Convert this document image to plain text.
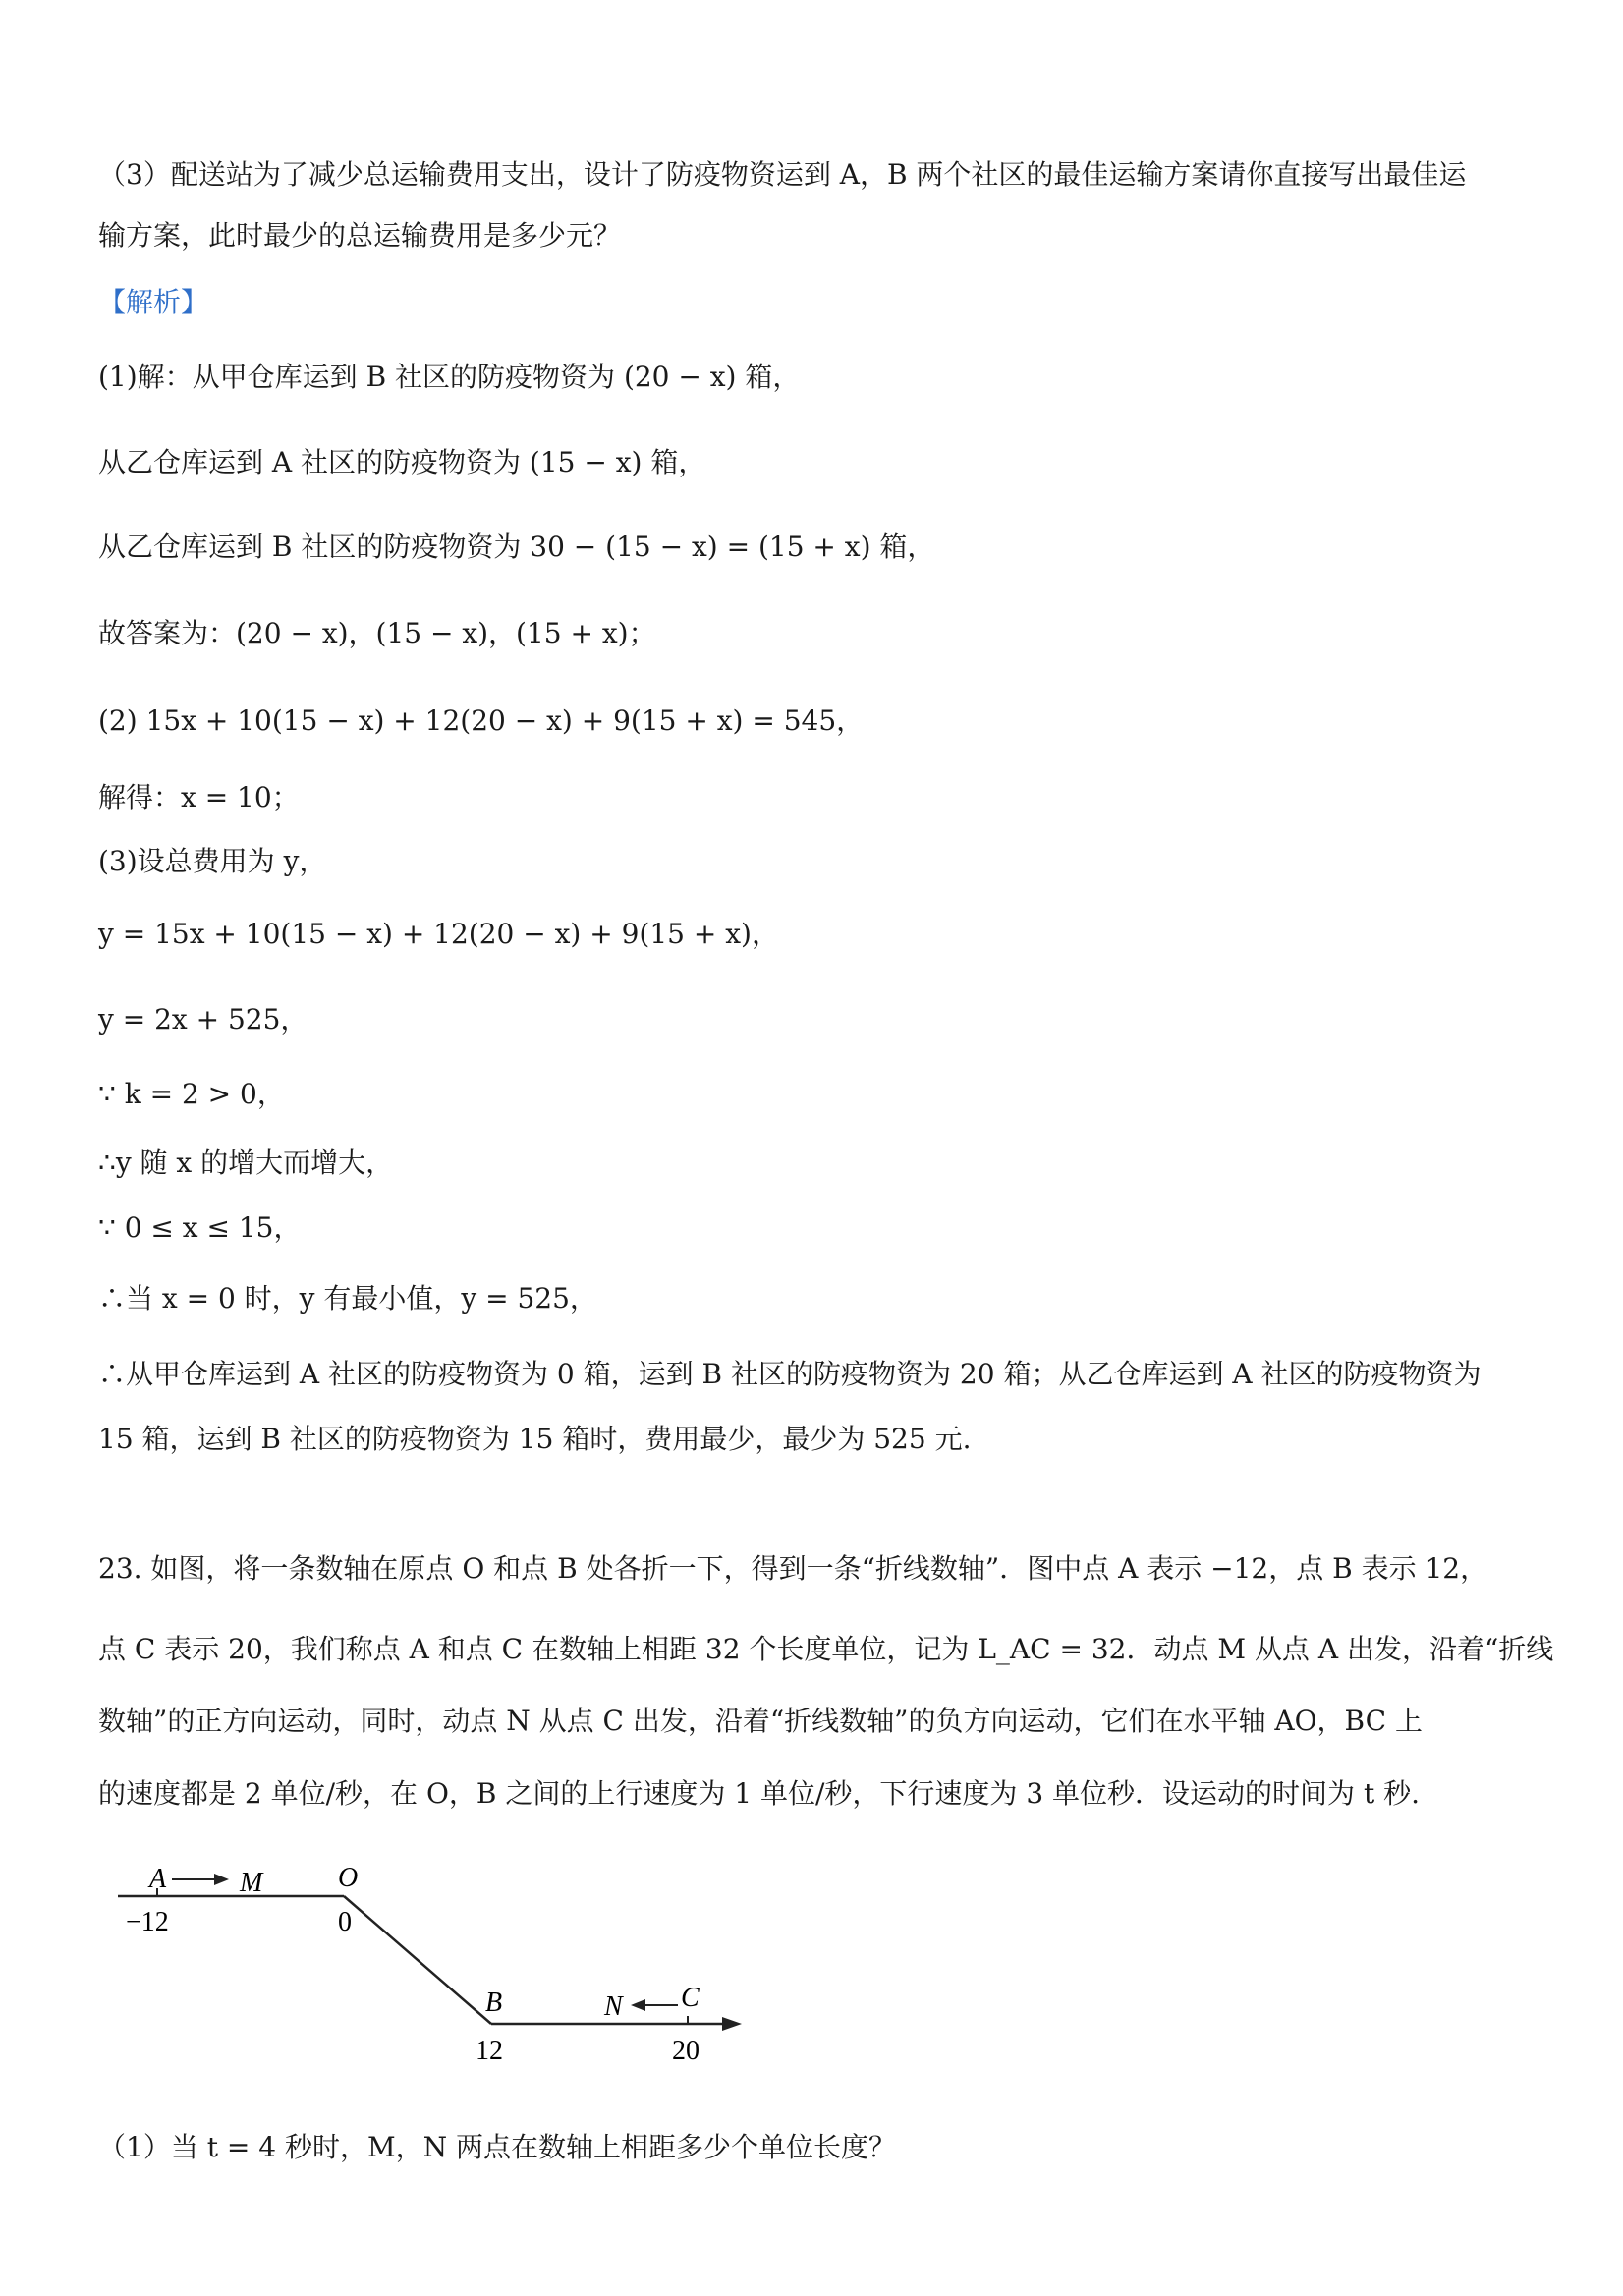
（3）配送站为了减少总运输费用支出，设计了防疫物资运到 A，B 两个社区的最佳运输方案请你直接写出最佳运
输方案，此时最少的总运输费用是多少元？
【解析】
(1)解：从甲仓库运到 B 社区的防疫物资为 (20 − x) 箱，
从乙仓库运到 A 社区的防疫物资为 (15 − x) 箱，
从乙仓库运到 B 社区的防疫物资为 30 − (15 − x) = (15 + x) 箱，
故答案为：(20 − x)，(15 − x)，(15 + x)；
(2) 15x + 10(15 − x) + 12(20 − x) + 9(15 + x) = 545，
解得：x = 10；
(3)设总费用为 y，
y = 15x + 10(15 − x) + 12(20 − x) + 9(15 + x)，
y = 2x + 525，
∵ k = 2 > 0，
∴y 随 x 的增大而增大，
∵ 0 ≤ x ≤ 15，
∴当 x = 0 时，y 有最小值，y = 525，
∴从甲仓库运到 A 社区的防疫物资为 0 箱，运到 B 社区的防疫物资为 20 箱；从乙仓库运到 A 社区的防疫物资为
15 箱，运到 B 社区的防疫物资为 15 箱时，费用最少，最少为 525 元.
23. 如图，将一条数轴在原点 O 和点 B 处各折一下，得到一条“折线数轴”．图中点 A 表示 −12，点 B 表示 12，
点 C 表示 20，我们称点 A 和点 C 在数轴上相距 32 个长度单位，记为 L_AC = 32．动点 M 从点 A 出发，沿着“折线
数轴”的正方向运动，同时，动点 N 从点 C 出发，沿着“折线数轴”的负方向运动，它们在水平轴 AO，BC 上
的速度都是 2 单位/秒，在 O，B 之间的上行速度为 1 单位/秒，下行速度为 3 单位秒．设运动的时间为 t 秒.
A	M	O
B	N C
−12	0
12	20
（1）当 t = 4 秒时，M，N 两点在数轴上相距多少个单位长度？
